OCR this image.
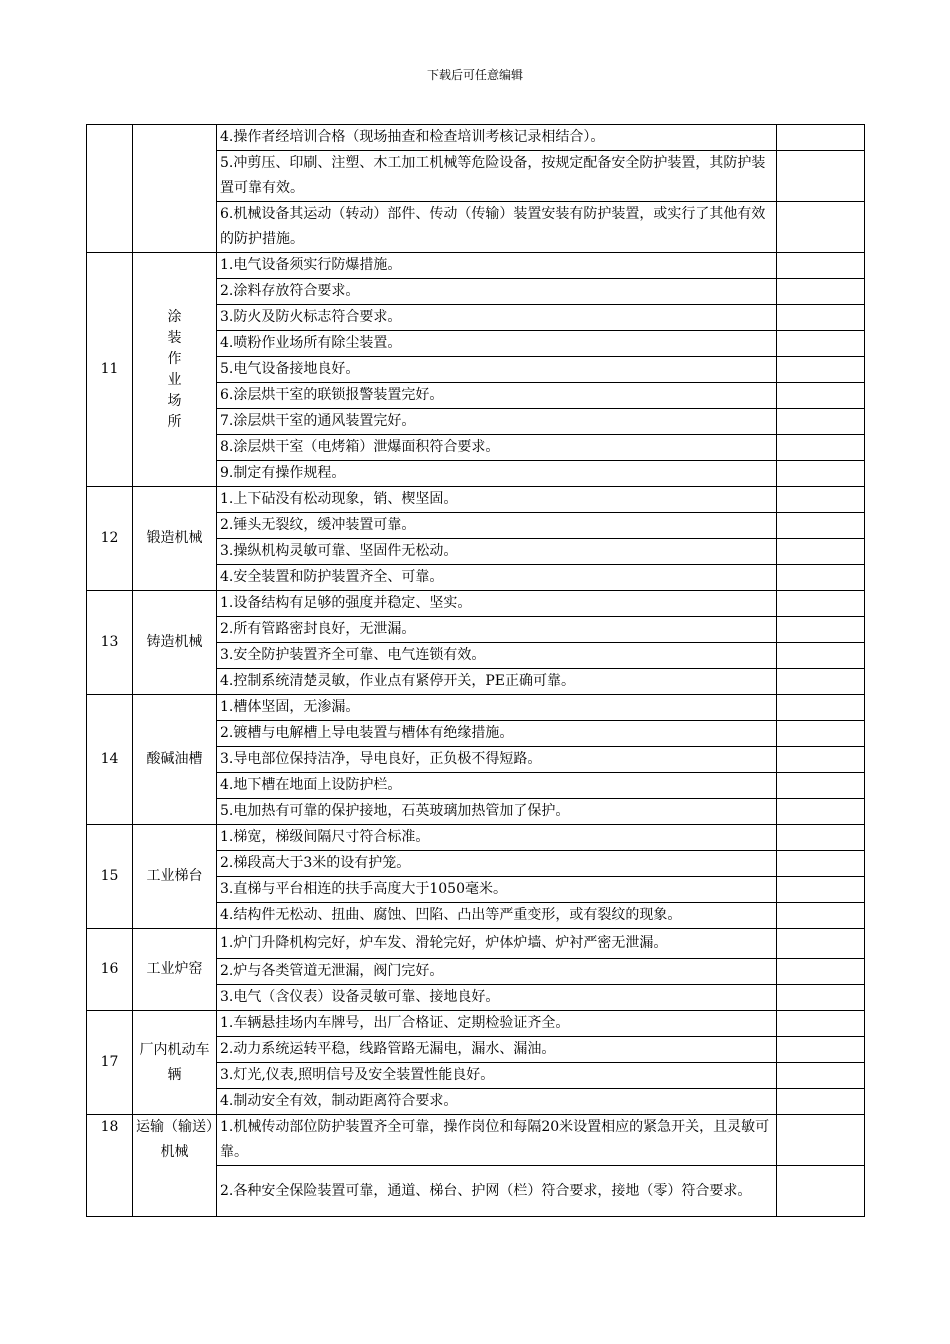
下载后可任意编辑
		4.操作者经培训合格（现场抽查和检查培训考核记录相结合）。	
		5.冲剪压、印刷、注塑、木工加工机械等危险设备，按规定配备安全防护装置，其防护装置可靠有效。	
		6.机械设备其运动（转动）部件、传动（传输）装置安装有防护装置，或实行了其他有效的防护措施。	
11	涂装作业场所	1.电气设备须实行防爆措施。	
		2.涂料存放符合要求。	
		3.防火及防火标志符合要求。	
		4.喷粉作业场所有除尘装置。	
		5.电气设备接地良好。	
		6.涂层烘干室的联锁报警装置完好。	
		7.涂层烘干室的通风装置完好。	
		8.涂层烘干室（电烤箱）泄爆面积符合要求。	
		9.制定有操作规程。	
12	锻造机械	1.上下砧没有松动现象，销、楔坚固。	
		2.锤头无裂纹，缓冲装置可靠。	
		3.操纵机构灵敏可靠、坚固件无松动。	
		4.安全装置和防护装置齐全、可靠。	
13	铸造机械	1.设备结构有足够的强度并稳定、坚实。	
		2.所有管路密封良好，无泄漏。	
		3.安全防护装置齐全可靠、电气连锁有效。	
		4.控制系统清楚灵敏，作业点有紧停开关，PE正确可靠。	
14	酸碱油槽	1.槽体坚固，无渗漏。	
		2.镀槽与电解槽上导电装置与槽体有绝缘措施。	
		3.导电部位保持洁净，导电良好，正负极不得短路。	
		4.地下槽在地面上设防护栏。	
		5.电加热有可靠的保护接地，石英玻璃加热管加了保护。	
15	工业梯台	1.梯宽，梯级间隔尺寸符合标准。	
		2.梯段高大于3米的设有护笼。	
		3.直梯与平台相连的扶手高度大于1050毫米。	
		4.结构件无松动、扭曲、腐蚀、凹陷、凸出等严重变形，或有裂纹的现象。	
16	工业炉窑	1.炉门升降机构完好，炉车发、滑轮完好，炉体炉墙、炉衬严密无泄漏。	
		2.炉与各类管道无泄漏，阀门完好。	
		3.电气（含仪表）设备灵敏可靠、接地良好。	
17	厂内机动车辆	1.车辆悬挂场内车牌号，出厂合格证、定期检验证齐全。	
		2.动力系统运转平稳，线路管路无漏电，漏水、漏油。	
		3.灯光,仪表,照明信号及安全装置性能良好。	
		4.制动安全有效，制动距离符合要求。	
18	运输（输送）机械	1.机械传动部位防护装置齐全可靠，操作岗位和每隔20米设置相应的紧急开关，且灵敏可靠。	
		2.各种安全保险装置可靠，通道、梯台、护网（栏）符合要求，接地（零）符合要求。	
